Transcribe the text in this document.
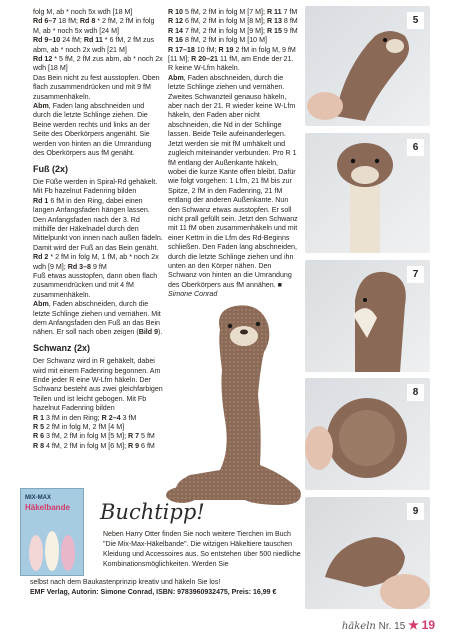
folg M, ab * noch 5x wdh [18 M]

Rd 6–7 18 fM; Rd 8 * 2 fM, 2 fM in folg M, ab * noch 5x wdh [24 M]

Rd 9–10 24 fM; Rd 11 * 6 fM, 2 fM zus abm, ab * noch 2x wdh [21 M]

Rd 12 * 5 fM, 2 fM zus abm, ab * noch 2x wdh [18 M]

Das Bein nicht zu fest ausstopfen. Oben flach zusammendrücken und mit 9 fM zusammenhäkeln.

Abm, Faden lang abschneiden und durch die letzte Schlinge ziehen. Die Beine werden rechts und links an der Seite des Oberkörpers angenäht. Sie werden von hinten an die Umrandung des Oberkörpers aus fM genäht.

Fuß (2x)

Die Füße werden in Spiral-Rd gehäkelt. Mit Fb hazelnut Fadenring bilden

Rd 1 6 fM in den Ring, dabei einen langen Anfangsfaden hängen lassen. Den Anfangsfaden nach der 3. Rd mithilfe der Häkelnadel durch den Mittelpunkt von innen nach außen fädeln. Damit wird der Fuß an das Bein genäht.

Rd 2 * 2 fM in folg M, 1 fM, ab * noch 2x wdh [9 M]; Rd 3–8 9 fM

Fuß etwas ausstopfen, dann oben flach zusammendrücken und mit 4 fM zusammenhäkeln.

Abm, Faden abschneiden, durch die letzte Schlinge ziehen und vernähen. Mit dem Anfangsfaden den Fuß an das Bein nähen. Er soll nach oben zeigen (Bild 9).

Schwanz (2x)

Der Schwanz wird in R gehäkelt, dabei wird mit einem Fadenring begonnen. Am Ende jeder R eine W-Lfm häkeln. Der Schwanz besteht aus zwei gleichfarbigen Teilen und ist leicht gebogen. Mit Fb hazelnut Fadenring bilden

R 1 3 fM in den Ring; R 2–4 3 fM

R 5 2 fM in folg M, 2 fM [4 M]

R 6 3 fM, 2 fM in folg M [5 M]; R 7 5 fM

R 8 4 fM, 2 fM in folg M [6 M]; R 9 6 fM

R 10 5 fM, 2 fM in folg M [7 M]; R 11 7 fM

R 12 6 fM, 2 fM in folg M [8 M]; R 13 8 fM

R 14 7 fM, 2 fM in folg M [9 M]; R 15 9 fM

R 16 8 fM, 2 fM in folg M [10 M]

R 17–18 10 fM; R 19 2 fM in folg M, 9 fM [11 M]; R 20–21 11 fM, am Ende der 21. R keine W-Lfm häkeln.

Abm, Faden abschneiden, durch die letzte Schlinge ziehen und vernähen. Zweites Schwanzteil genauso häkeln, aber nach der 21. R wieder keine W-Lfm häkeln, den Faden aber nicht abschneiden, die Nd in der Schlinge lassen. Beide Teile aufeinanderlegen. Jetzt werden sie mit fM umhäkelt und zugleich miteinander verbunden. Pro R 1 fM entlang der Außenkante häkeln, wobei die kurze Kante offen bleibt. Dafür wie folgt vorgehen: 1 Lfm, 21 fM bis zur Spitze, 2 fM in den Fadenring, 21 fM entlang der anderen Außenkante. Nun den Schwanz etwas ausstopfen. Er soll nicht prall gefüllt sein. Jetzt den Schwanz mit 11 fM oben zusammenhäkeln und mit einer Kettm in die Lfm des Rd-Beginns schließen. Den Faden lang abschneiden, durch die letzte Schlinge ziehen und ihn unten an den Körper nähen. Den Schwanz von hinten an die Umrandung des Oberkörpers aus fM annähen. ■ Simone Conrad

5
6
7
8
9
MIX-MAX
Häkelbande Buchtipp!
Neben Harry Otter finden Sie noch weitere Tierchen im Buch "Die Mix-Max-Häkelbande". Die witzigen Häkeltiere tauschen Kleidung und Accessoires aus. So entstehen über 500 niedliche Kombinationsmöglichkeiten. Werden Sie
selbst nach dem Baukastenprinzip kreativ und häkeln Sie los!
EMF Verlag, Autorin: Simone Conrad, ISBN: 9783960932475, Preis: 16,99 €
häkeln Nr. 15 ★ 19
